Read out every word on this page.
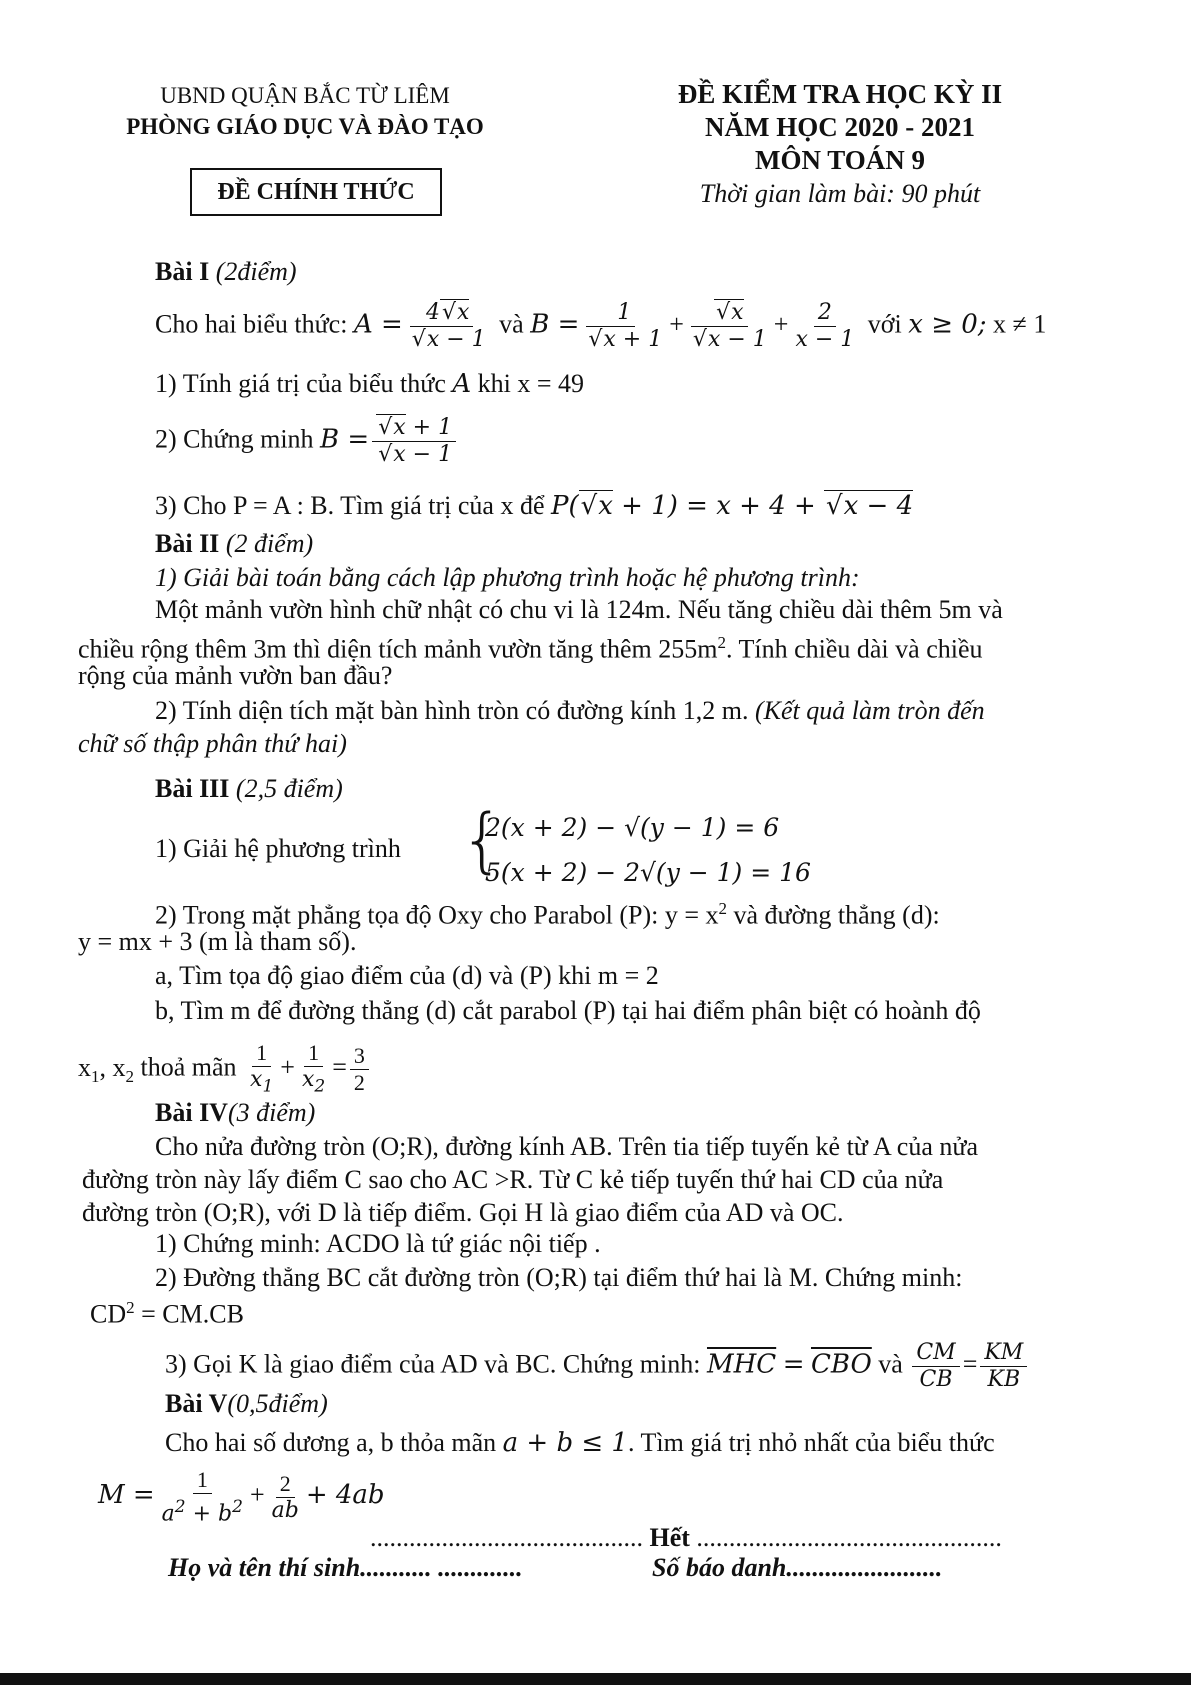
UBND QUẬN BẮC TỪ LIÊM
PHÒNG GIÁO DỤC VÀ ĐÀO TẠO
ĐỀ CHÍNH THỨC
ĐỀ KIỂM TRA HỌC KỲ II
NĂM HỌC 2020 - 2021
MÔN TOÁN 9
Thời gian làm bài: 90 phút
Bài I (2điểm)
Cho hai biểu thức: A = 4 √ x
√ x − 1 và B = 1
√ x + 1 + √ x
√ $x - 1 + \frac{2}{x - 1}$ với x ≥ 0; x ≠ 1
1) Tính giá trị của biểu thức A khi x = 49
2) Chứng minh B = √ x + 1
√ x − 1
3) Cho P = A : B. Tìm giá trị của x để P( √ x + 1) = x + 4 + √ x − 4
Bài II (2 điểm)
1) Giải bài toán bằng cách lập phương trình hoặc hệ phương trình:
Một mảnh vườn hình chữ nhật có chu vi là 124m. Nếu tăng chiều dài thêm 5m và
chiều rộng thêm 3m thì diện tích mảnh vườn tăng thêm $255m^2$. Tính chiều dài và chiều
rộng của mảnh vườn ban đầu?
2) Tính diện tích mặt bàn hình tròn có đường kính 1,2 m. (Kết quả làm tròn đến
chữ số thập phân thứ hai)
Bài III (2,5 điểm)
1) Giải hệ phương trình {
2(x + 2) − √(y − 1) = 6
5(x + 2) − 2√(y − 1) = 16
2) Trong mặt phẳng tọa độ Oxy cho Parabol (P): $y = x^2$ và đường thẳng (d):
y = mx + 3 (m là tham số).
a, Tìm tọa độ giao điểm của (d) và (P) khi m = 2
b, Tìm m để đường thẳng (d) cắt parabol (P) tại hai điểm phân biệt có hoành độ
$x_1$, $x_2$ thoả mãn $\frac{1}{x_1} + \frac{1}{x_2} = \frac{3}{2}$
Bài IV(3 điểm)
Cho nửa đường tròn (O;R), đường kính AB. Trên tia tiếp tuyến kẻ từ A của nửa
đường tròn này lấy điểm C sao cho AC >R. Từ C kẻ tiếp tuyến thứ hai CD của nửa
đường tròn (O;R), với D là tiếp điểm. Gọi H là giao điểm của AD và OC.
1) Chứng minh: ACDO là tứ giác nội tiếp .
2) Đường thẳng BC cắt đường tròn (O;R) tại điểm thứ hai là M. Chứng minh:
$CD^2 = CM.CB$
3) Gọi K là giao điểm của AD và BC. Chứng minh: $\overline{MHC} = \overline{CBO}$ và $\frac{CM}{CB} = \frac{KM}{KB}$
Bài V(0,5điểm)
Cho hai số dương a, b thỏa mãn a + b ≤ 1. Tìm giá trị nhỏ nhất của biểu thức
$M = \frac{1}{a^2 + b^2} + \frac{2}{ab} + 4ab$
.......................................... Hết ...............................................
Họ và tên thí sinh........... .............	Số báo danh........................
